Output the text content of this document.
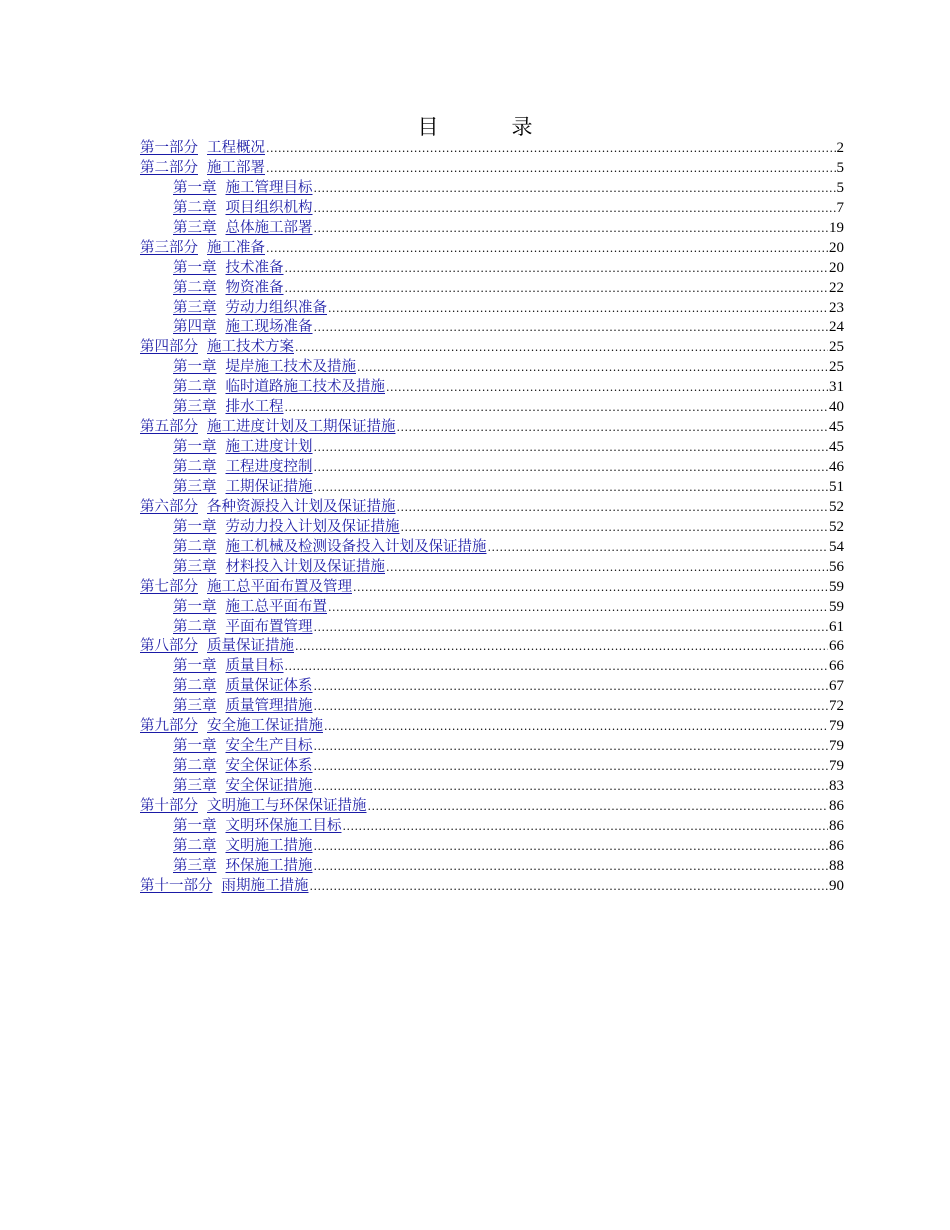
目　录
第一部分 工程概况 .....	2
第二部分 施工部署 .....	5
第一章 施工管理目标 .....	5
第二章 项目组织机构 .....	7
第三章 总体施工部署 .....	19
第三部分 施工准备 .....	20
第一章 技术准备 .....	20
第二章 物资准备 .....	22
第三章 劳动力组织准备 .....	23
第四章 施工现场准备 .....	24
第四部分 施工技术方案 .....	25
第一章 堤岸施工技术及措施 .....	25
第二章 临时道路施工技术及措施 .....	31
第三章 排水工程 .....	40
第五部分 施工进度计划及工期保证措施 .....	45
第一章 施工进度计划 .....	45
第二章 工程进度控制 .....	46
第三章 工期保证措施 .....	51
第六部分 各种资源投入计划及保证措施 .....	52
第一章 劳动力投入计划及保证措施 .....	52
第二章 施工机械及检测设备投入计划及保证措施 .....	54
第三章 材料投入计划及保证措施 .....	56
第七部分 施工总平面布置及管理 .....	59
第一章 施工总平面布置 .....	59
第二章 平面布置管理 .....	61
第八部分 质量保证措施 .....	66
第一章 质量目标 .....	66
第二章 质量保证体系 .....	67
第三章 质量管理措施 .....	72
第九部分 安全施工保证措施 .....	79
第一章 安全生产目标 .....	79
第二章 安全保证体系 .....	79
第三章 安全保证措施 .....	83
第十部分 文明施工与环保保证措施 .....	86
第一章 文明环保施工目标 .....	86
第二章 文明施工措施 .....	86
第三章 环保施工措施 .....	88
第十一部分 雨期施工措施 .....	90
